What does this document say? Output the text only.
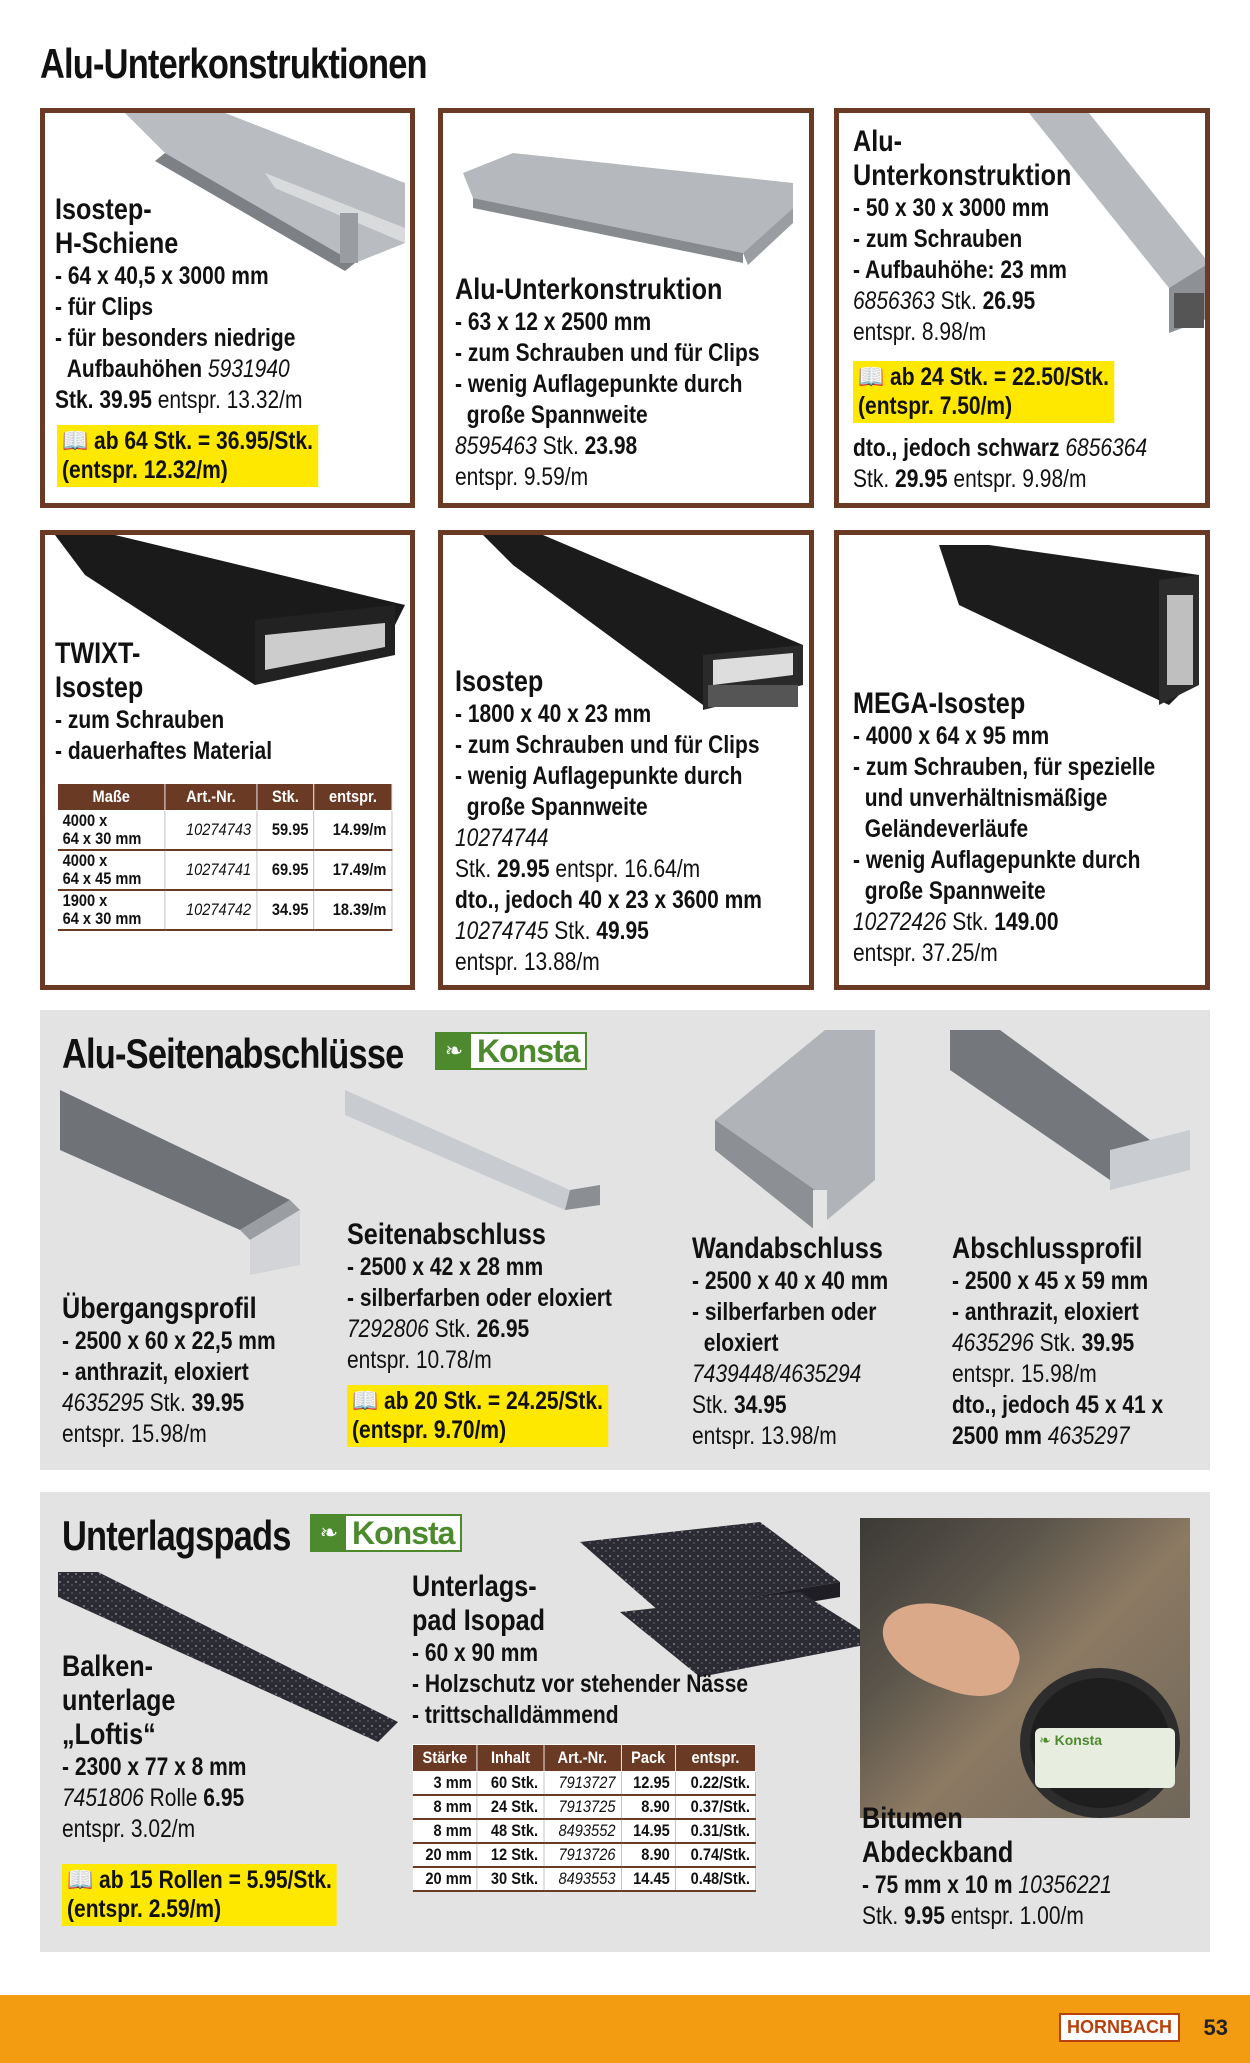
Alu-Unterkonstruktionen
Isostep-
H-Schiene
- 64 x 40,5 x 3000 mm
- für Clips
- für besonders niedrige
Aufbauhöhen 5931940
Stk. 39.95 entspr. 13.32/m
📖 ab 64 Stk. = 36.95/Stk.
(entspr. 12.32/m)
Alu-Unterkonstruktion
- 63 x 12 x 2500 mm
- zum Schrauben und für Clips
- wenig Auflagepunkte durch
große Spannweite
8595463 Stk. 23.98
entspr. 9.59/m
Alu-
Unterkonstruktion
- 50 x 30 x 3000 mm
- zum Schrauben
- Aufbauhöhe: 23 mm
6856363 Stk. 26.95
entspr. 8.98/m
📖 ab 24 Stk. = 22.50/Stk.
(entspr. 7.50/m)
dto., jedoch schwarz 6856364
Stk. 29.95 entspr. 9.98/m
TWIXT-
Isostep
- zum Schrauben
- dauerhaftes Material
Maße	Art.-Nr.	Stk.	entspr.

4000 x
64 x 30 mm	10274743	59.95	14.99/m

4000 x
64 x 45 mm	10274741	69.95	17.49/m

1900 x
64 x 30 mm	10274742	34.95	18.39/m
Isostep
- 1800 x 40 x 23 mm
- zum Schrauben und für Clips
- wenig Auflagepunkte durch
große Spannweite
10274744
Stk. 29.95 entspr. 16.64/m
dto., jedoch 40 x 23 x 3600 mm
10274745 Stk. 49.95
entspr. 13.88/m
MEGA-Isostep
- 4000 x 64 x 95 mm
- zum Schrauben, für spezielle
und unverhältnismäßige
Geländeverläufe
- wenig Auflagepunkte durch
große Spannweite
10272426 Stk. 149.00
entspr. 37.25/m
Alu-Seitenabschlüsse	❧ Konsta
Übergangsprofil
- 2500 x 60 x 22,5 mm
- anthrazit, eloxiert
4635295 Stk. 39.95
entspr. 15.98/m
Seitenabschluss
- 2500 x 42 x 28 mm
- silberfarben oder eloxiert
7292806 Stk. 26.95
entspr. 10.78/m
📖 ab 20 Stk. = 24.25/Stk.
(entspr. 9.70/m)
Wandabschluss
- 2500 x 40 x 40 mm
- silberfarben oder
eloxiert
7439448/4635294
Stk. 34.95
entspr. 13.98/m
Abschlussprofil
- 2500 x 45 x 59 mm
- anthrazit, eloxiert
4635296 Stk. 39.95
entspr. 15.98/m
dto., jedoch 45 x 41 x
2500 mm 4635297
Unterlagspads	❧ Konsta
Balken-
unterlage
„Loftis“
- 2300 x 77 x 8 mm
7451806 Rolle 6.95
entspr. 3.02/m
📖 ab 15 Rollen = 5.95/Stk.
(entspr. 2.59/m)
Unterlags-
pad Isopad
- 60 x 90 mm
- Holzschutz vor stehender Nässe
- trittschalldämmend
Stärke	Inhalt	Art.-Nr.	Pack	entspr.
3 mm	60 Stk.	7913727	12.95	0.22/Stk.
8 mm	24 Stk.	7913725	8.90	0.37/Stk.
8 mm	48 Stk.	8493552	14.95	0.31/Stk.
20 mm	12 Stk.	7913726	8.90	0.74/Stk.
20 mm	30 Stk.	8493553	14.45	0.48/Stk.
❧ Konsta
Bitumen
Abdeckband
- 75 mm x 10 m 10356221
Stk. 9.95 entspr. 1.00/m
HORNBACH	53
